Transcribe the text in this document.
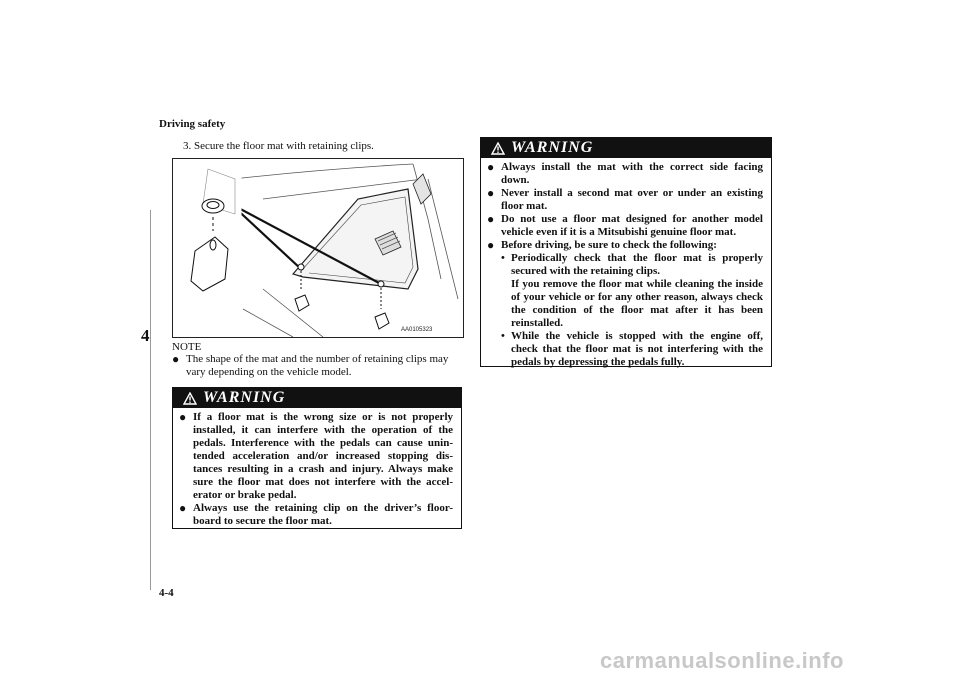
Driving safety
4
4-4
3. Secure the floor mat with retaining clips.
AA0105323
NOTE
● The shape of the mat and the number of retaining clips may vary depending on the vehicle model.
WARNING
● If a floor mat is the wrong size or is not properly installed, it can interfere with the operation of the pedals. Interference with the pedals can cause unin-tended acceleration and/or increased stopping dis-tances resulting in a crash and injury. Always make sure the floor mat does not interfere with the accel-erator or brake pedal.
● Always use the retaining clip on the driver’s floor-board to secure the floor mat.
WARNING
● Always install the mat with the correct side facing down.
● Never install a second mat over or under an existing floor mat.
● Do not use a floor mat designed for another model vehicle even if it is a Mitsubishi genuine floor mat.
● Before driving, be sure to check the following:
• Periodically check that the floor mat is properly secured with the retaining clips.
If you remove the floor mat while cleaning the inside of your vehicle or for any other reason, always check the condition of the floor mat after it has been reinstalled.
• While the vehicle is stopped with the engine off, check that the floor mat is not interfering with the pedals by depressing the pedals fully.
carmanualsonline.info
